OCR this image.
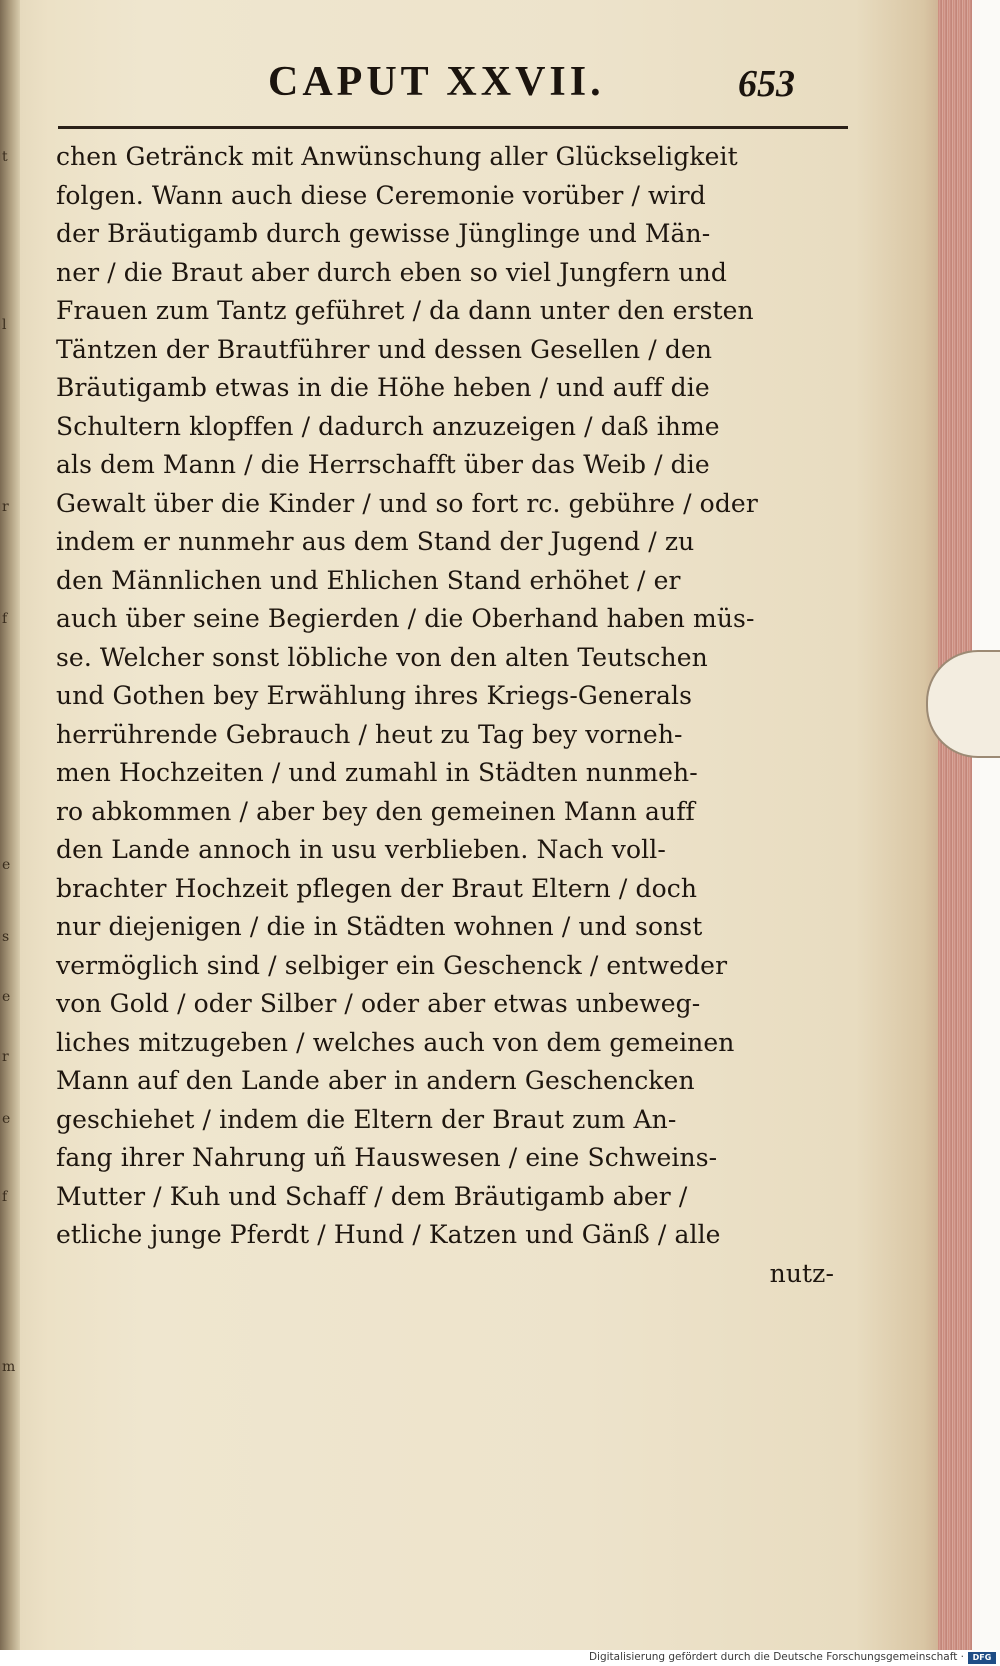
t
l
r
f
e
s
e
r
e
f
m
CAPUT XXVII.	653
chen Getränck mit Anwünschung aller Glückseligkeit
folgen. Wann auch diese Ceremonie vorüber / wird
der Bräutigamb durch gewisse Jünglinge und Män-
ner / die Braut aber durch eben so viel Jungfern und
Frauen zum Tantz geführet / da dann unter den ersten
Täntzen der Brautführer und dessen Gesellen / den
Bräutigamb etwas in die Höhe heben / und auff die
Schultern klopffen / dadurch anzuzeigen / daß ihme
als dem Mann / die Herrschafft über das Weib / die
Gewalt über die Kinder / und so fort rc. gebühre / oder
indem er nunmehr aus dem Stand der Jugend / zu
den Männlichen und Ehlichen Stand erhöhet / er
auch über seine Begierden / die Oberhand haben müs-
se. Welcher sonst löbliche von den alten Teutschen
und Gothen bey Erwählung ihres Kriegs-Generals
herrührende Gebrauch / heut zu Tag bey vorneh-
men Hochzeiten / und zumahl in Städten nunmeh-
ro abkommen / aber bey den gemeinen Mann auff
den Lande annoch in usu verblieben. Nach voll-
brachter Hochzeit pflegen der Braut Eltern / doch
nur diejenigen / die in Städten wohnen / und sonst
vermöglich sind / selbiger ein Geschenck / entweder
von Gold / oder Silber / oder aber etwas unbeweg-
liches mitzugeben / welches auch von dem gemeinen
Mann auf den Lande aber in andern Geschencken
geschiehet / indem die Eltern der Braut zum An-
fang ihrer Nahrung uñ Hauswesen / eine Schweins-
Mutter / Kuh und Schaff / dem Bräutigamb aber /
etliche junge Pferdt / Hund / Katzen und Gänß / alle
nutz-
Digitalisierung gefördert durch die Deutsche Forschungsgemeinschaft ·	DFG
